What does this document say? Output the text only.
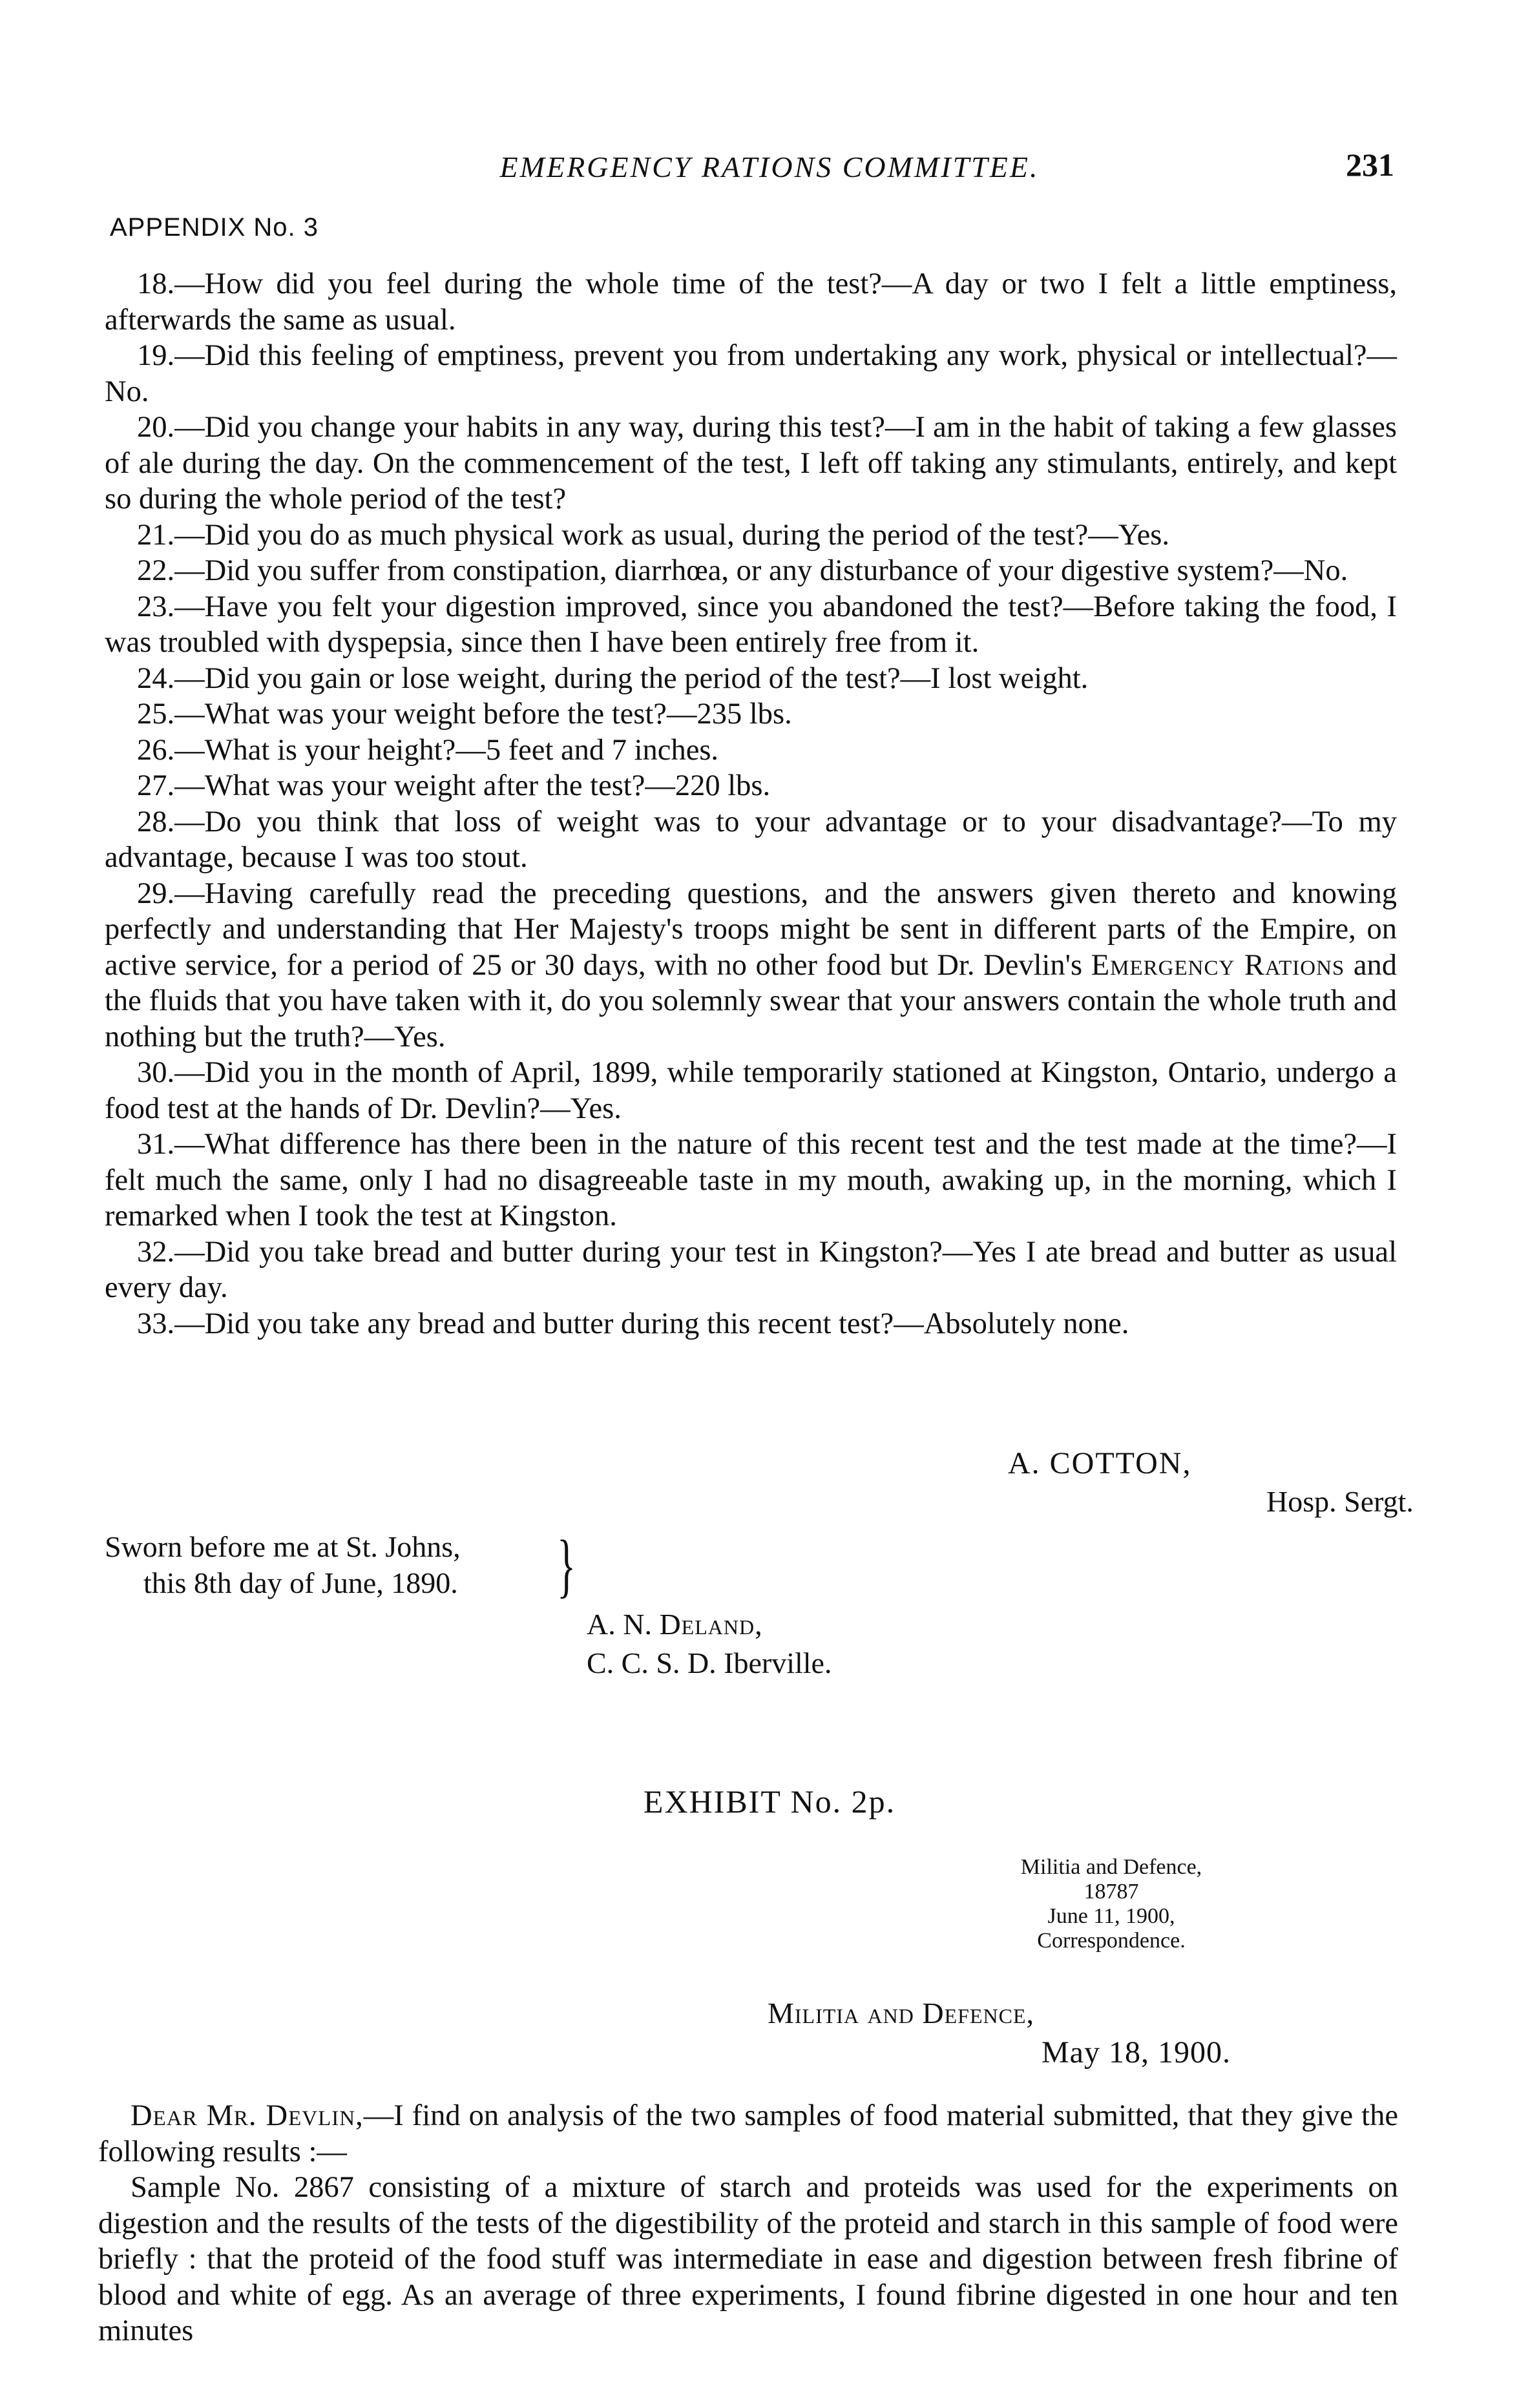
EMERGENCY RATIONS COMMITTEE.	231
APPENDIX No. 3

18.—How did you feel during the whole time of the test?—A day or two I felt a little emptiness, afterwards the same as usual.

19.—Did this feeling of emptiness, prevent you from undertaking any work, physical or intellectual?—No.

20.—Did you change your habits in any way, during this test?—I am in the habit of taking a few glasses of ale during the day. On the commencement of the test, I left off taking any stimulants, entirely, and kept so during the whole period of the test?

21.—Did you do as much physical work as usual, during the period of the test?—Yes.

22.—Did you suffer from constipation, diarrhœa, or any disturbance of your digestive system?—No.

23.—Have you felt your digestion improved, since you abandoned the test?—Before taking the food, I was troubled with dyspepsia, since then I have been entirely free from it.

24.—Did you gain or lose weight, during the period of the test?—I lost weight.

25.—What was your weight before the test?—235 lbs.

26.—What is your height?—5 feet and 7 inches.

27.—What was your weight after the test?—220 lbs.

28.—Do you think that loss of weight was to your advantage or to your disadvantage?—To my advantage, because I was too stout.

29.—Having carefully read the preceding questions, and the answers given thereto and knowing perfectly and understanding that Her Majesty's troops might be sent in different parts of the Empire, on active service, for a period of 25 or 30 days, with no other food but Dr. Devlin's Emergency Rations and the fluids that you have taken with it, do you solemnly swear that your answers contain the whole truth and nothing but the truth?—Yes.

30.—Did you in the month of April, 1899, while temporarily stationed at Kingston, Ontario, undergo a food test at the hands of Dr. Devlin?—Yes.

31.—What difference has there been in the nature of this recent test and the test made at the time?—I felt much the same, only I had no disagreeable taste in my mouth, awaking up, in the morning, which I remarked when I took the test at Kingston.

32.—Did you take bread and butter during your test in Kingston?—Yes I ate bread and butter as usual every day.

33.—Did you take any bread and butter during this recent test?—Absolutely none.

A. COTTON,
Hosp. Sergt.
Sworn before me at St. Johns,
this 8th day of June, 1890. }
A. N. Deland,
C. C. S. D. Iberville.
EXHIBIT No. 2p.
Militia and Defence,
18787
June 11, 1900,
Correspondence.
Militia and Defence,
May 18, 1900.

Dear Mr. Devlin,—I find on analysis of the two samples of food material submitted, that they give the following results :—

Sample No. 2867 consisting of a mixture of starch and proteids was used for the experiments on digestion and the results of the tests of the digestibility of the proteid and starch in this sample of food were briefly : that the proteid of the food stuff was intermediate in ease and digestion between fresh fibrine of blood and white of egg. As an average of three experiments, I found fibrine digested in one hour and ten minutes
